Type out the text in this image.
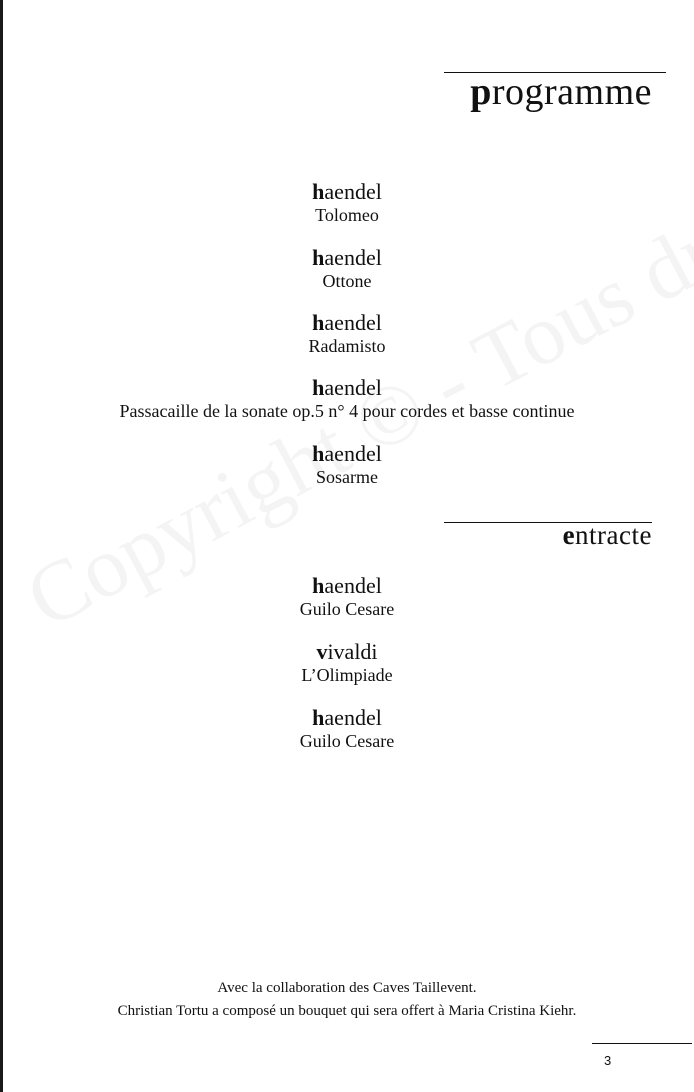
programme
haendel
Tolomeo
haendel
Ottone
haendel
Radamisto
haendel
Passacaille de la sonate op.5 n° 4 pour cordes et basse continue
haendel
Sosarme
entracte
haendel
Guilo Cesare
vivaldi
L’Olimpiade
haendel
Guilo Cesare
Avec la collaboration des Caves Taillevent.
Christian Tortu a composé un bouquet qui sera offert à Maria Cristina Kiehr.
3
